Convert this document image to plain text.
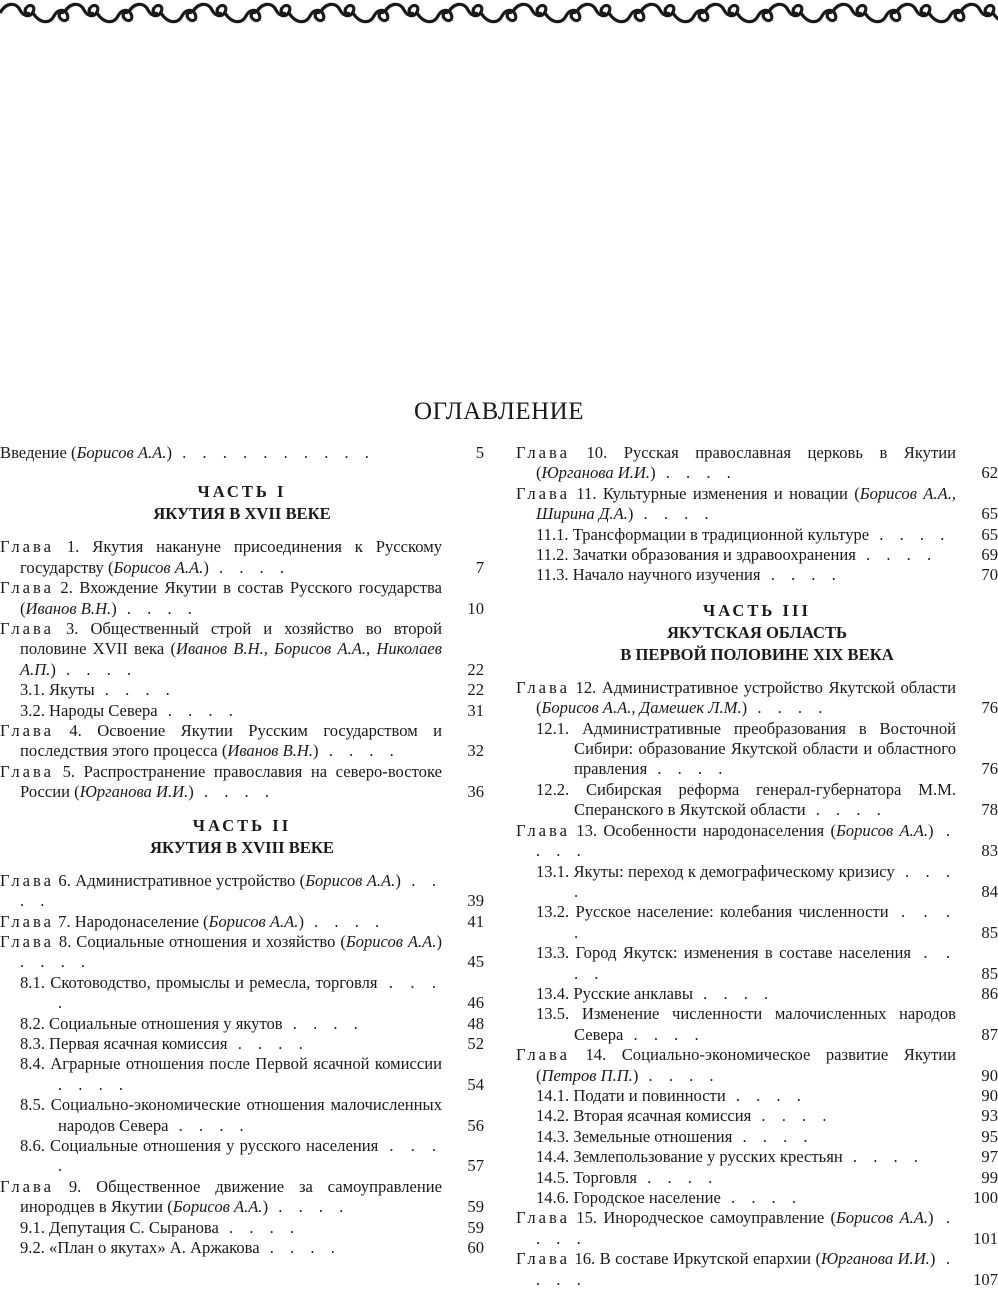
ОГЛАВЛЕНИЕ
Введение (Борисов А.А.) . . . . . . . . . .	5
ЧАСТЬ I
ЯКУТИЯ В XVII ВЕКЕ
Глава 1. Якутия накануне присоединения к Русскому государству (Борисов А.А.) . . . .	7
Глава 2. Вхождение Якутии в состав Русского государства (Иванов В.Н.) . . . .	10
Глава 3. Общественный строй и хозяйство во второй половине XVII века (Иванов В.Н., Борисов А.А., Николаев А.П.) . . . .	22
3.1. Якуты . . . .	22
3.2. Народы Севера . . . .	31
Глава 4. Освоение Якутии Русским государством и последствия этого процесса (Иванов В.Н.) . . . .	32
Глава 5. Распространение православия на северо-востоке России (Юрганова И.И.) . . . .	36
ЧАСТЬ II
ЯКУТИЯ В XVIII ВЕКЕ
Глава 6. Административное устройство (Борисов А.А.) . . . .	39
Глава 7. Народонаселение (Борисов А.А.) . . . .	41
Глава 8. Социальные отношения и хозяйство (Борисов А.А.) . . . .	45
8.1. Скотоводство, промыслы и ремесла, торговля . . . .	46
8.2. Социальные отношения у якутов . . . .	48
8.3. Первая ясачная комиссия . . . .	52
8.4. Аграрные отношения после Первой ясачной комиссии . . . .	54
8.5. Социально-экономические отношения малочисленных народов Севера . . . .	56
8.6. Социальные отношения у русского населения . . . .	57
Глава 9. Общественное движение за самоуправление инородцев в Якутии (Борисов А.А.) . . . .	59
9.1. Депутация С. Сыранова . . . .	59
9.2. «План о якутах» А. Аржакова . . . .	60
Глава 10. Русская православная церковь в Якутии (Юрганова И.И.) . . . .	62
Глава 11. Культурные изменения и новации (Борисов А.А., Ширина Д.А.) . . . .	65
11.1. Трансформации в традиционной культуре . . . .	65
11.2. Зачатки образования и здравоохранения . . . .	69
11.3. Начало научного изучения . . . .	70
ЧАСТЬ III
ЯКУТСКАЯ ОБЛАСТЬ
В ПЕРВОЙ ПОЛОВИНЕ XIX ВЕКА
Глава 12. Административное устройство Якутской области (Борисов А.А., Дамешек Л.М.) . . . .	76
12.1. Административные преобразования в Восточной Сибири: образование Якутской области и областного правления . . . .	76
12.2. Сибирская реформа генерал-губернатора М.М. Сперанского в Якутской области . . . .	78
Глава 13. Особенности народонаселения (Борисов А.А.) . . . .	83
13.1. Якуты: переход к демографическому кризису . . . .	84
13.2. Русское население: колебания численности . . . .	85
13.3. Город Якутск: изменения в составе населения . . . .	85
13.4. Русские анклавы . . . .	86
13.5. Изменение численности малочисленных народов Севера . . . .	87
Глава 14. Социально-экономическое развитие Якутии (Петров П.П.) . . . .	90
14.1. Подати и повинности . . . .	90
14.2. Вторая ясачная комиссия . . . .	93
14.3. Земельные отношения . . . .	95
14.4. Землепользование у русских крестьян . . . .	97
14.5. Торговля . . . .	99
14.6. Городское население . . . .	100
Глава 15. Инородческое самоуправление (Борисов А.А.) . . . .	101
Глава 16. В составе Иркутской епархии (Юрганова И.И.) . . . .	107
